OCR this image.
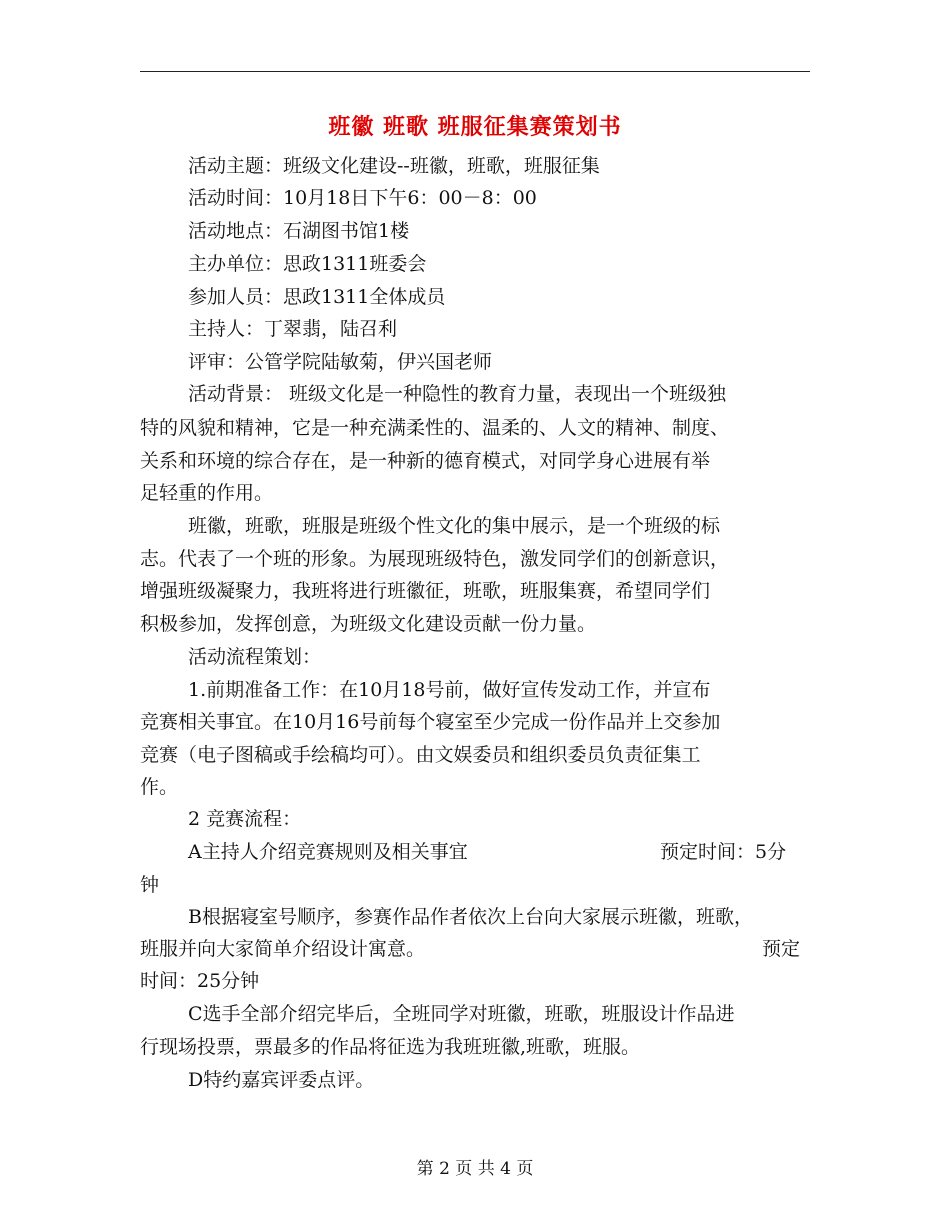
班徽 班歌 班服征集赛策划书
活动主题：班级文化建设--班徽，班歌，班服征集
活动时间：10月18日下午6：00－8：00
活动地点：石湖图书馆1楼
主办单位：思政1311班委会
参加人员：思政1311全体成员
主持人：丁翠翡，陆召利
评审：公管学院陆敏菊，伊兴国老师
活动背景： 班级文化是一种隐性的教育力量，表现出一个班级独
特的风貌和精神，它是一种充满柔性的、温柔的、人文的精神、制度、
关系和环境的综合存在，是一种新的德育模式，对同学身心进展有举
足轻重的作用。
班徽，班歌，班服是班级个性文化的集中展示，是一个班级的标
志。代表了一个班的形象。为展现班级特色，激发同学们的创新意识，
增强班级凝聚力，我班将进行班徽征，班歌，班服集赛，希望同学们
积极参加，发挥创意，为班级文化建设贡献一份力量。
活动流程策划：
1.前期准备工作：在10月18号前，做好宣传发动工作，并宣布
竞赛相关事宜。在10月16号前每个寝室至少完成一份作品并上交参加
竞赛（电子图稿或手绘稿均可）。由文娱委员和组织委员负责征集工
作。
2 竞赛流程：
A主持人介绍竞赛规则及相关事宜	预定时间：5分
钟
B根据寝室号顺序，参赛作品作者依次上台向大家展示班徽，班歌，
班服并向大家简单介绍设计寓意。	预定
时间：25分钟
C选手全部介绍完毕后，全班同学对班徽，班歌，班服设计作品进
行现场投票，票最多的作品将征选为我班班徽,班歌，班服。
D特约嘉宾评委点评。
第 2 页 共 4 页
